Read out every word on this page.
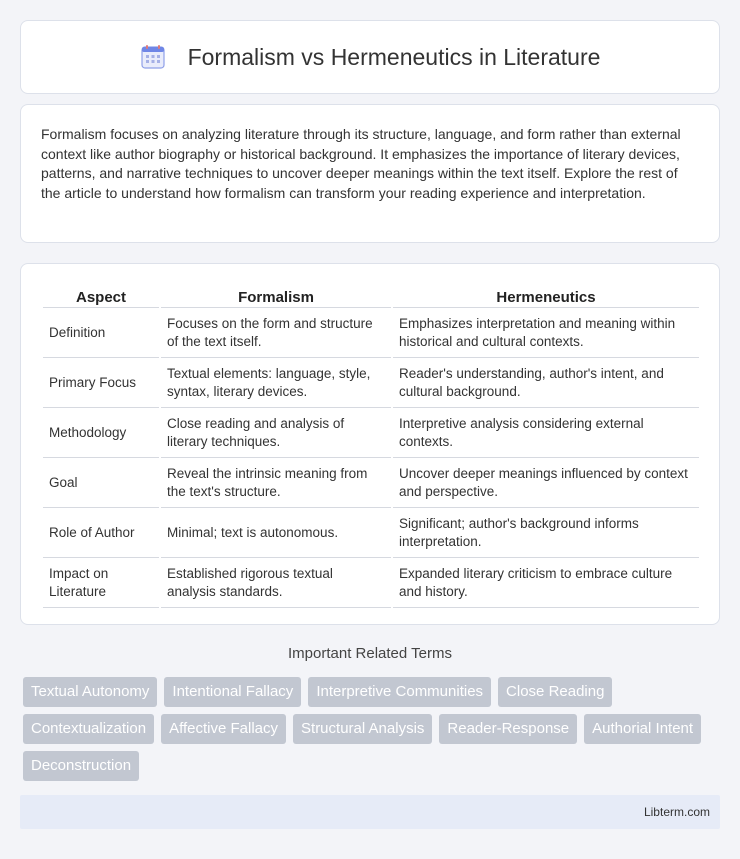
Formalism vs Hermeneutics in Literature

Formalism focuses on analyzing literature through its structure, language, and form rather than external context like author biography or historical background. It emphasizes the importance of literary devices, patterns, and narrative techniques to uncover deeper meanings within the text itself. Explore the rest of the article to understand how formalism can transform your reading experience and interpretation.

Aspect	Formalism	Hermeneutics
Definition	Focuses on the form and structure of the text itself.	Emphasizes interpretation and meaning within historical and cultural contexts.
Primary Focus	Textual elements: language, style, syntax, literary devices.	Reader's understanding, author's intent, and cultural background.
Methodology	Close reading and analysis of literary techniques.	Interpretive analysis considering external contexts.
Goal	Reveal the intrinsic meaning from the text's structure.	Uncover deeper meanings influenced by context and perspective.
Role of Author	Minimal; text is autonomous.	Significant; author's background informs interpretation.
Impact on Literature	Established rigorous textual analysis standards.	Expanded literary criticism to embrace culture and history.
Important Related Terms
Textual Autonomy	Intentional Fallacy	Interpretive Communities	Close Reading
Contextualization	Affective Fallacy	Structural Analysis	Reader-Response	Authorial Intent
Deconstruction
Libterm.com
